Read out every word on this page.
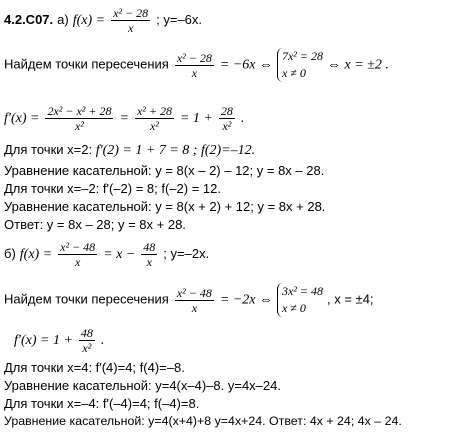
4.2.С07. а) $f(x) = \frac{\text{x² − 28}}{x}$ ; y=–6x.
Найдем точки пересечения $\frac{\text{x² − 28}}{x} = -6x$ ⇔
7x² = 28
x ≠ 0
⇔ x = ±2 .
$f'(x) = \frac{\text{2x² − x² + 28}}{\text{x²}} = \frac{\text{x² + 28}}{\text{x²}} = 1 + \frac{28}{\text{x²}}$ .
Для точки x=2: f′(2) = 1 + 7 = 8 ; f(2)=–12.
Уравнение касательной: y = 8(x – 2) – 12; y = 8x – 28.
Для точки x=–2: f'(–2) = 8; f(–2) = 12.
Уравнение касательной: y = 8(x + 2) + 12; y = 8x + 28.
Ответ: y = 8x – 28; y = 8x + 28.
б) $f(x) = \frac{\text{x² − 48}}{x} = x - \frac{48}{x}$ ; y=–2x.
Найдем точки пересечения $\frac{\text{x² − 48}}{x} = -2x$ ⇔
3x² = 48
x ≠ 0
, x = ±4;
$f'(x) = 1 + \frac{48}{\text{x²}}$ .
Для точки x=4: f′(4)=4; f(4)=–8.
Уравнение касательной: y=4(x–4)–8. y=4x–24.
Для точки x=–4: f'(–4)=4; f(–4)=8.
Уравнение касательной: y=4(x+4)+8 y=4x+24. Ответ: 4x + 24; 4x – 24.
